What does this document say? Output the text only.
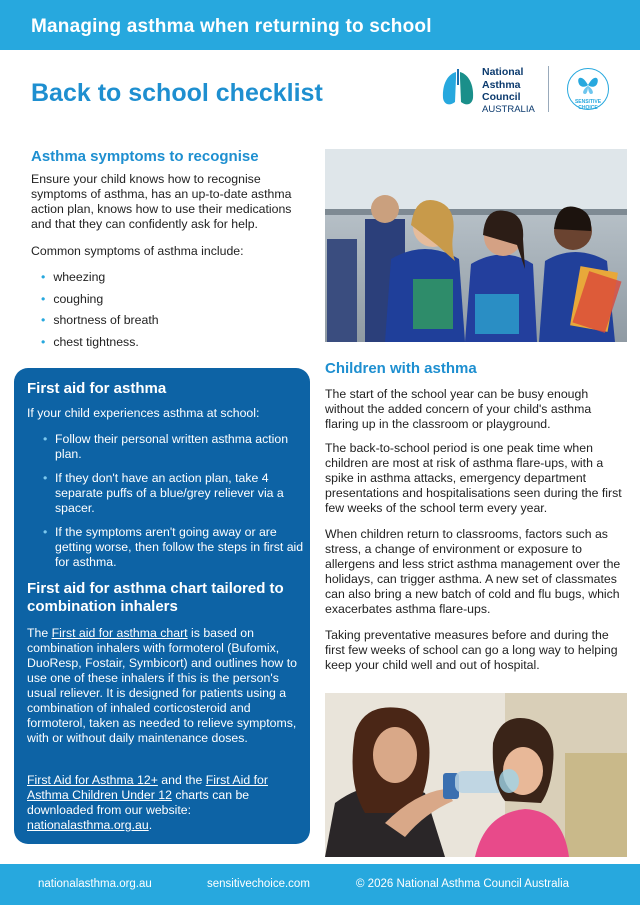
Managing asthma when returning to school
Back to school checklist
National
Asthma
Council
AUSTRALIA
SENSITIVE
CHOICE
Asthma symptoms to recognise

Ensure your child knows how to recognise symptoms of asthma, has an up-to-date asthma action plan, knows how to use their medications and that they can confidently ask for help.

Common symptoms of asthma include:

• wheezing
• coughing
• shortness of breath
• chest tightness.
First aid for asthma
If your child experiences asthma at school:
• Follow their personal written asthma action plan.
• If they don't have an action plan, take 4 separate puffs of a blue/grey reliever via a spacer.
• If the symptoms aren't going away or are getting worse, then follow the steps in first aid for asthma.
First aid for asthma chart tailored to combination inhalers

The First aid for asthma chart is based on combination inhalers with formoterol (Bufomix, DuoResp, Fostair, Symbicort) and outlines how to use one of these inhalers if this is the person's usual reliever. It is designed for patients using a combination of inhaled corticosteroid and formoterol, taken as needed to relieve symptoms, with or without daily maintenance doses.

First Aid for Asthma 12+ and the First Aid for Asthma Children Under 12 charts can be downloaded from our website: nationalasthma.org.au.

Children with asthma

The start of the school year can be busy enough without the added concern of your child's asthma flaring up in the classroom or playground.

The back-to-school period is one peak time when children are most at risk of asthma flare-ups, with a spike in asthma attacks, emergency department presentations and hospitalisations seen during the first few weeks of the school term every year.

When children return to classrooms, factors such as stress, a change of environment or exposure to allergens and less strict asthma management over the holidays, can trigger asthma. A new set of classmates can also bring a new batch of cold and flu bugs, which exacerbates asthma flare-ups.

Taking preventative measures before and during the first few weeks of school can go a long way to helping keep your child well and out of hospital.

nationalasthma.org.au	sensitivechoice.com	© 2026 National Asthma Council Australia
